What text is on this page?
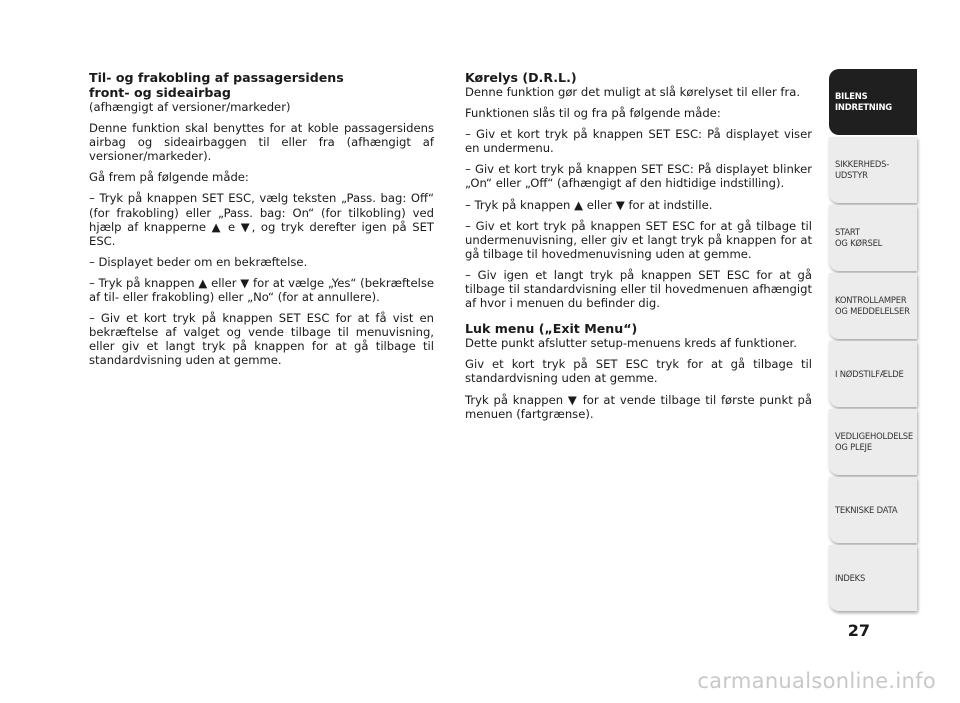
Til- og frakobling af passagersidens
front- og sideairbag

(afhængigt af versioner/markeder)

Denne funktion skal benyttes for at koble passagersidens airbag og sideairbaggen til eller fra (afhængigt af versioner/markeder).

Gå frem på følgende måde:

– Tryk på knappen SET ESC, vælg teksten „Pass. bag: Off“ (for frakobling) eller „Pass. bag: On“ (for tilkobling) ved hjælp af knapperne ▲ e ▼, og tryk derefter igen på SET ESC.

– Displayet beder om en bekræftelse.

– Tryk på knappen ▲ eller ▼ for at vælge „Yes“ (bekræftelse af til- eller frakobling) eller „No“ (for at annullere).

– Giv et kort tryk på knappen SET ESC for at få vist en bekræftelse af valget og vende tilbage til menuvisning, eller giv et langt tryk på knappen for at gå tilbage til standardvisning uden at gemme.

Kørelys (D.R.L.)

Denne funktion gør det muligt at slå kørelyset til eller fra.

Funktionen slås til og fra på følgende måde:

– Giv et kort tryk på knappen SET ESC: På displayet viser en undermenu.

– Giv et kort tryk på knappen SET ESC: På displayet blinker „On“ eller „Off“ (afhængigt af den hidtidige indstilling).

– Tryk på knappen ▲ eller ▼ for at indstille.

– Giv et kort tryk på knappen SET ESC for at gå tilbage til undermenuvisning, eller giv et langt tryk på knappen for at gå tilbage til hovedmenuvisning uden at gemme.

– Giv igen et langt tryk på knappen SET ESC for at gå tilbage til standardvisning eller til hovedmenuen afhængigt af hvor i menuen du befinder dig.

Luk menu („Exit Menu“)

Dette punkt afslutter setup-menuens kreds af funktioner.

Giv et kort tryk på SET ESC tryk for at gå tilbage til standardvisning uden at gemme.

Tryk på knappen ▼ for at vende tilbage til første punkt på menuen (fartgrænse).

BILENS
INDRETNING
SIKKERHEDS-
UDSTYR
START
OG KØRSEL
KONTROLLAMPER
OG MEDDELELSER
I NØDSTILFÆLDE
VEDLIGEHOLDELSE
OG PLEJE
TEKNISKE DATA
INDEKS
27
carmanualsonline.info
